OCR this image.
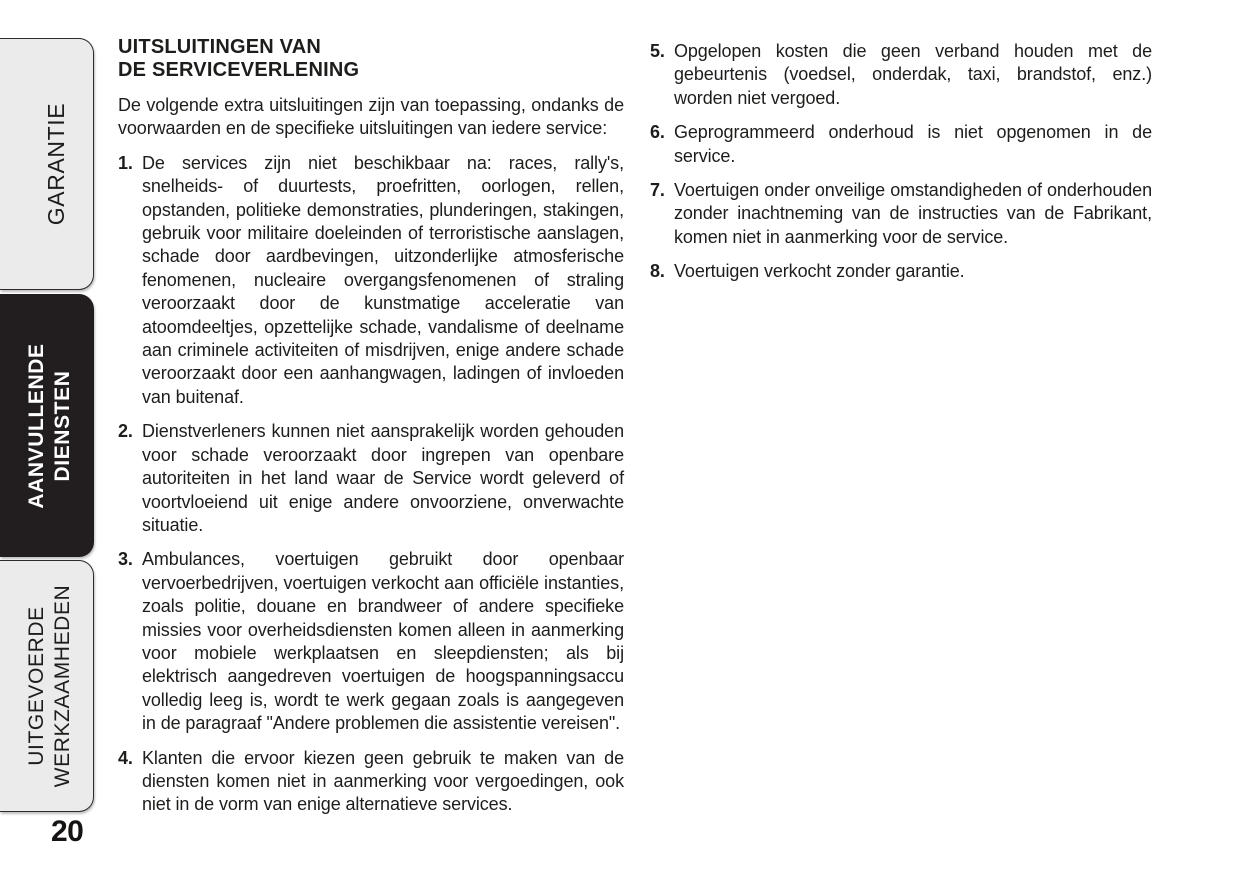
GARANTIE
AANVULLENDE DIENSTEN
UITGEVOERDE WERKZAAMHEDEN
20
UITSLUITINGEN VAN
DE SERVICEVERLENING

De volgende extra uitsluitingen zijn van toepassing, ondanks de voorwaarden en de specifieke uitsluitingen van iedere service:

1. De services zijn niet beschikbaar na: races, rally's, snelheids- of duurtests, proefritten, oorlogen, rellen, opstanden, politieke demonstraties, plunderingen, stakingen, gebruik voor militaire doeleinden of terroristische aanslagen, schade door aardbevingen, uitzonderlijke atmosferische fenomenen, nucleaire overgangsfenomenen of straling veroorzaakt door de kunstmatige acceleratie van atoomdeeltjes, opzettelijke schade, vandalisme of deelname aan criminele activiteiten of misdrijven, enige andere schade veroorzaakt door een aanhangwagen, ladingen of invloeden van buitenaf.
2. Dienstverleners kunnen niet aansprakelijk worden gehouden voor schade veroorzaakt door ingrepen van openbare autoriteiten in het land waar de Service wordt geleverd of voortvloeiend uit enige andere onvoorziene, onverwachte situatie.
3. Ambulances, voertuigen gebruikt door openbaar vervoerbedrijven, voertuigen verkocht aan officiële instanties, zoals politie, douane en brandweer of andere specifieke missies voor overheidsdiensten komen alleen in aanmerking voor mobiele werkplaatsen en sleepdiensten; als bij elektrisch aangedreven voertuigen de hoogspanningsaccu volledig leeg is, wordt te werk gegaan zoals is aangegeven in de paragraaf "Andere problemen die assistentie vereisen".
4. Klanten die ervoor kiezen geen gebruik te maken van de diensten komen niet in aanmerking voor vergoedingen, ook niet in de vorm van enige alternatieve services.
5. Opgelopen kosten die geen verband houden met de gebeurtenis (voedsel, onderdak, taxi, brandstof, enz.) worden niet vergoed.
6. Geprogrammeerd onderhoud is niet opgenomen in de service.
7. Voertuigen onder onveilige omstandigheden of onderhouden zonder inachtneming van de instructies van de Fabrikant, komen niet in aanmerking voor de service.
8. Voertuigen verkocht zonder garantie.
